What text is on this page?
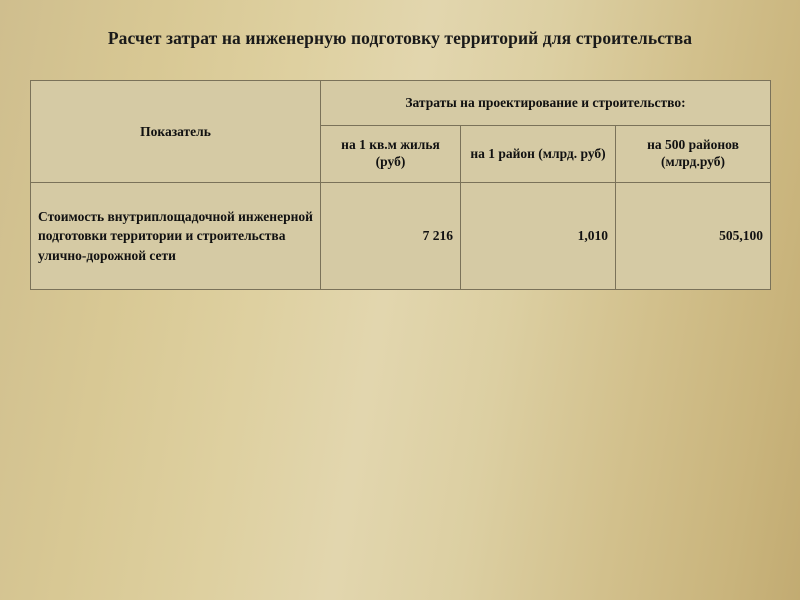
Расчет затрат на инженерную подготовку территорий для строительства
Показатель	Затраты на проектирование и строительство:		
	на 1 кв.м жилья (руб)	на 1 район (млрд. руб)	на 500 районов (млрд.руб)
Стоимость внутриплощадочной инженерной подготовки территории и строительства улично-дорожной сети	7 216	1,010	505,100
